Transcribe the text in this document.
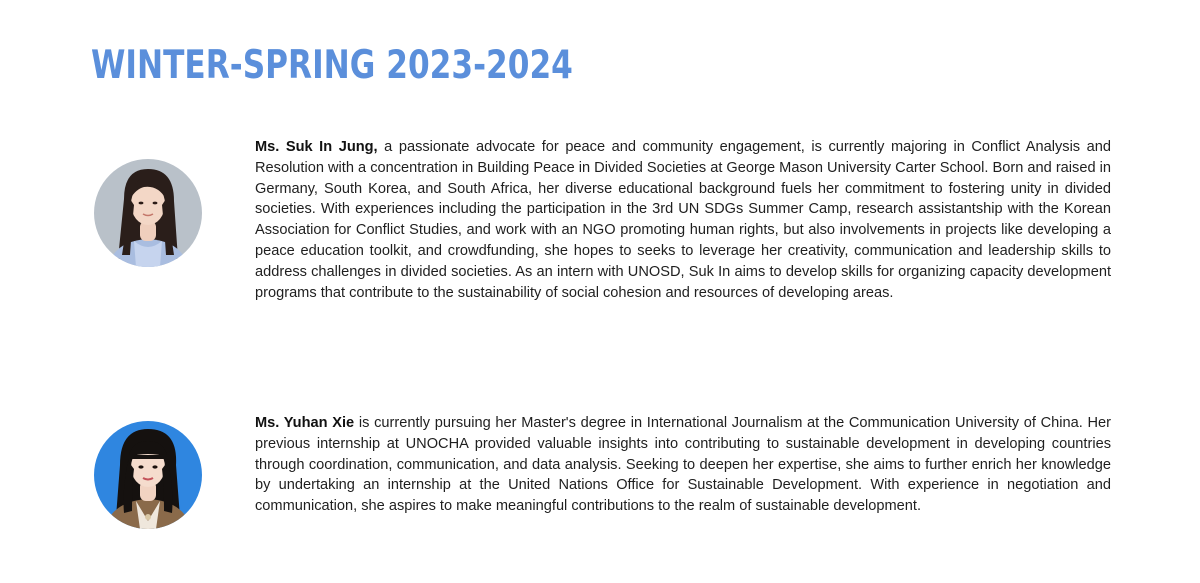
WINTER-SPRING 2023-2024

Ms. Suk In Jung, a passionate advocate for peace and community engagement, is currently majoring in Conflict Analysis and Resolution with a concentration in Building Peace in Divided Societies at George Mason University Carter School. Born and raised in Germany, South Korea, and South Africa, her diverse educational background fuels her commitment to fostering unity in divided societies. With experiences including the participation in the 3rd UN SDGs Summer Camp, research assistantship with the Korean Association for Conflict Studies, and work with an NGO promoting human rights, but also involvements in projects like developing a peace education toolkit, and crowdfunding, she hopes to seeks to leverage her creativity, communication and leadership skills to address challenges in divided societies. As an intern with UNOSD, Suk In aims to develop skills for organizing capacity development programs that contribute to the sustainability of social cohesion and resources of developing areas.

Ms. Yuhan Xie is currently pursuing her Master's degree in International Journalism at the Communication University of China. Her previous internship at UNOCHA provided valuable insights into contributing to sustainable development in developing countries through coordination, communication, and data analysis. Seeking to deepen her expertise, she aims to further enrich her knowledge by undertaking an internship at the United Nations Office for Sustainable Development. With experience in negotiation and communication, she aspires to make meaningful contributions to the realm of sustainable development.
